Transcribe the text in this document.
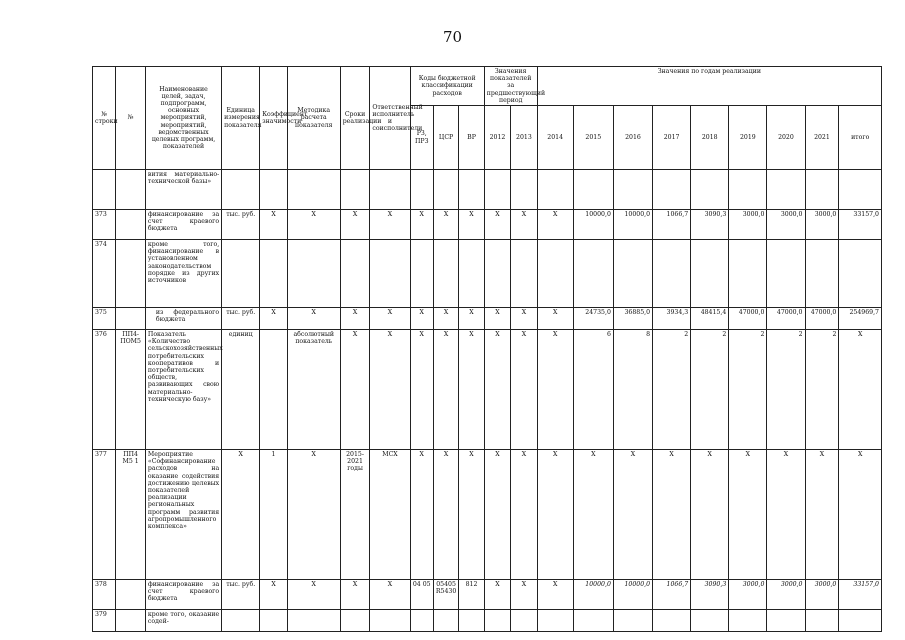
70
№ строки	№	Наименование целей, задач, подпрограмм, основных мероприятий, мероприятий, ведомственных целевых программ, показателей	Единица измерения показателя	Коэффициент значимости	Методика расчета показателя	Сроки реализации	Ответственный исполнитель и соисполнители	Коды бюджетной классификации расходов			Значения показателей за предшествующий период		Значения по годам реализации								
								РЗ, ПРЗ	ЦСР	ВР	2012	2013	2014	2015	2016	2017	2018	2019	2020	2021	итого
		вития материально-технической базы»																			
373		финансирование за счет краевого бюджета	тыс. руб.	X	X	X	X	X	X	X	X	X	X	10000,0	10000,0	1066,7	3090,3	3000,0	3000,0	3000,0	33157,0
374		кроме того, финансирование в установленном законодательством порядке из других источников																			
375		из федерального бюджета	тыс. руб.	X	X	X	X	X	X	X	X	X	X	24735,0	36885,0	3934,3	48415,4	47000,0	47000,0	47000,0	254969,7
376	ПП4-ПОМ5	Показатель «Количество сельскохозяйственных потребительских кооперативов и потребительских обществ, развивающих свою материально-техническую базу»	единиц		абсолютный показатель	X	X	X	X	X	X	X	X	6	8	2	2	2	2	2	X
377	ПП4 М5 1	Мероприятие «Софинансирование расходов на оказание содействия достижению целевых показателей реализации региональных программ развития агропромышленного комплекса»	X	1	X	2015-2021 годы	МСХ	X	X	X	X	X	X	X	X	X	X	X	X	X	X
378		финансирование за счет краевого бюджета	тыс. руб.	X	X	X	X	04 05	05405 R5430	812	X	X	X	10000,0	10000,0	1066,7	3090,3	3000,0	3000,0	3000,0	33157,0
379		кроме того, оказание содей-																			
